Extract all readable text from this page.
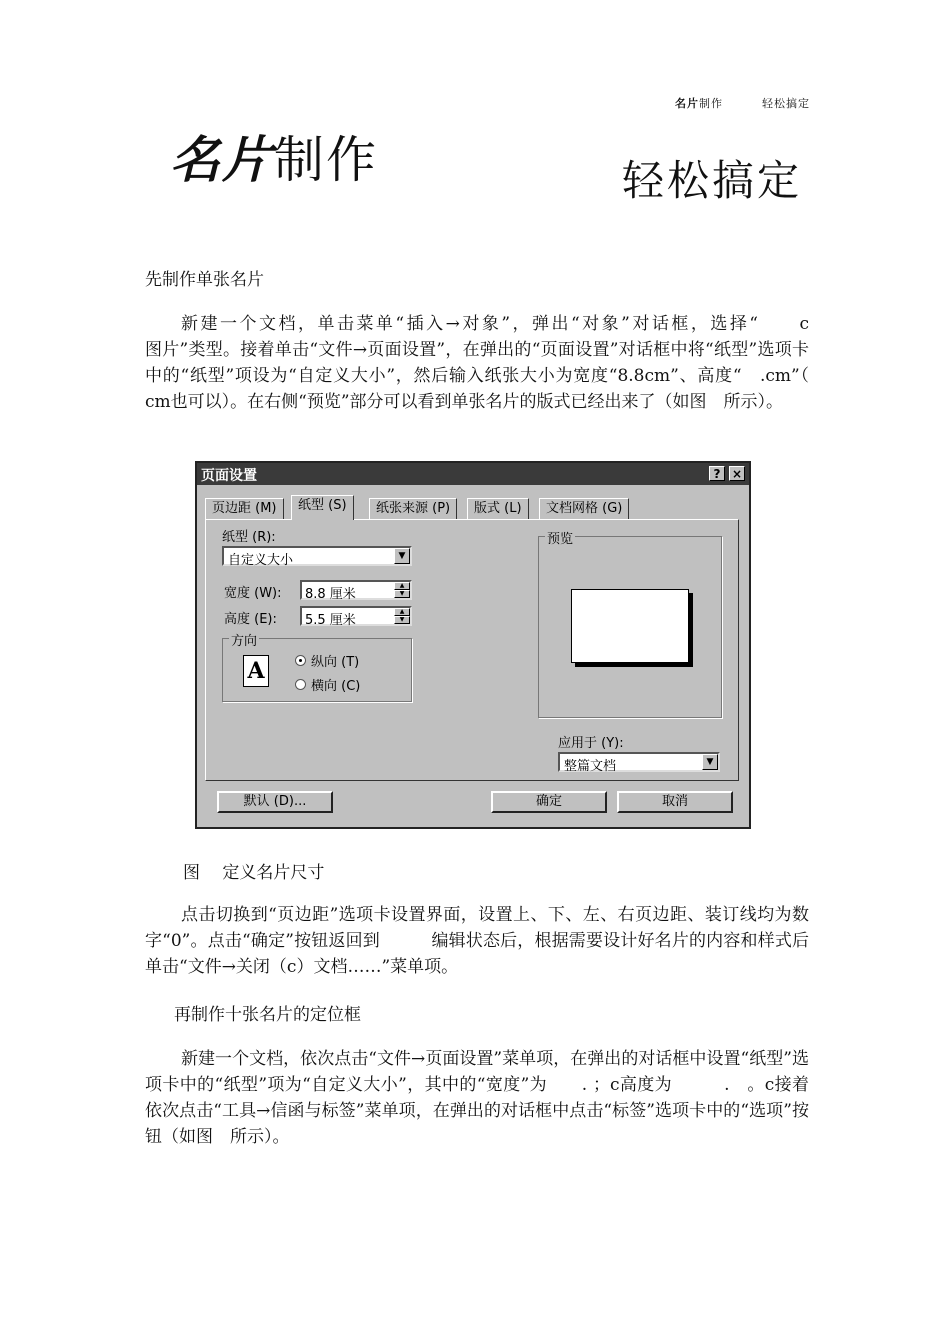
名片制作	轻松搞定
名片制作	轻松搞定
先制作单张名片
新建一个文档，单击菜单“插入→对象”，弹出“对象”对话框，选择“　　c　　　　　图片”类型。接着单击“文件→页面设置”，在弹出的“页面设置”对话框中将“纸型”选项卡中的“纸型”项设为“自定义大小”，然后输入纸张大小为宽度“8.8cm”、高度“　.cm”（　cm也可以）。在右侧“预览”部分可以看到单张名片的版式已经出来了（如图　所示）。
页面设置	? ×
页边距 (M)	纸型 (S)	纸张来源 (P)	版式 (L)	文档网格 (G)
纸型 (R):
自定义大小	▼
宽度 (W): 8.8 厘米
▲
▼
高度 (E): 5.5 厘米
▲
▼
方向
A	纵向 (T)
横向 (C)
预览
应用于 (Y):
整篇文档	▼
默认 (D)...	确定	取消
图　 定义名片尺寸
点击切换到“页边距”选项卡设置界面，设置上、下、左、右页边距、装订线均为数字“0”。点击“确定”按钮返回到　　　编辑状态后，根据需要设计好名片的内容和样式后单击“文件→关闭（c）文档……”菜单项。
再制作十张名片的定位框
新建一个文档，依次点击“文件→页面设置”菜单项，在弹出的对话框中设置“纸型”选项卡中的“纸型”项为“自定义大小”，其中的“宽度”为　　. ；c高度为　　　.　。c接着依次点击“工具→信函与标签”菜单项，在弹出的对话框中点击“标签”选项卡中的“选项”按钮（如图　所示）。
